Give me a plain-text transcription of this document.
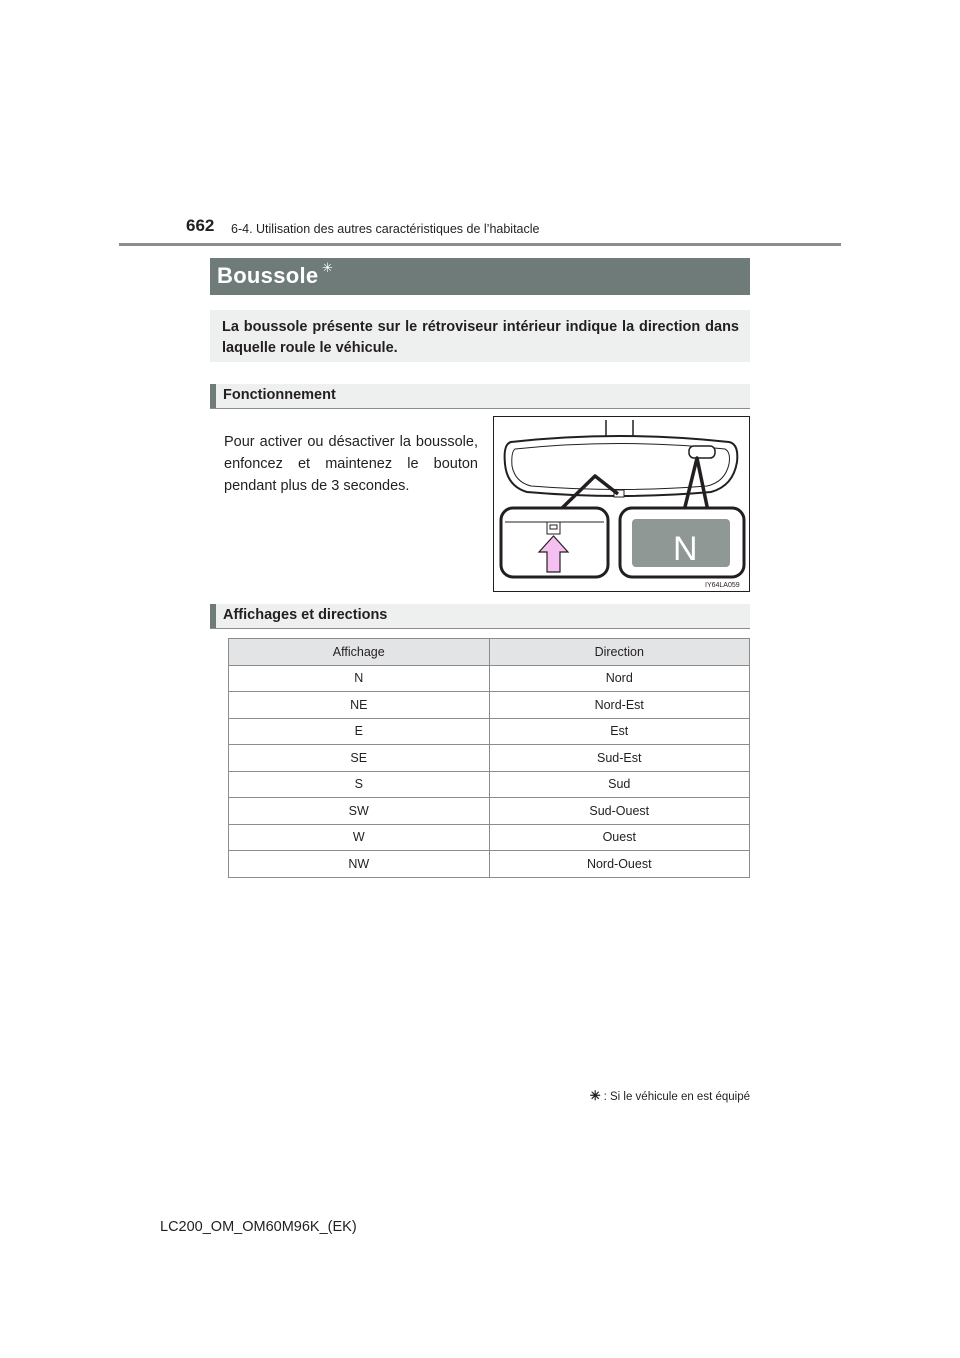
662 6-4. Utilisation des autres caractéristiques de l’habitacle
Boussole ✳
La boussole présente sur le rétroviseur intérieur indique la direction dans laquelle roule le véhicule.
Fonctionnement
Pour activer ou désactiver la boussole, enfoncez et maintenez le bouton pendant plus de 3 secondes.
N
IY64LA059
Affichages et directions
Affichage	Direction
N	Nord
NE	Nord-Est
E	Est
SE	Sud-Est
S	Sud
SW	Sud-Ouest
W	Ouest
NW	Nord-Ouest
✳ : Si le véhicule en est équipé
LC200_OM_OM60M96K_(EK)
